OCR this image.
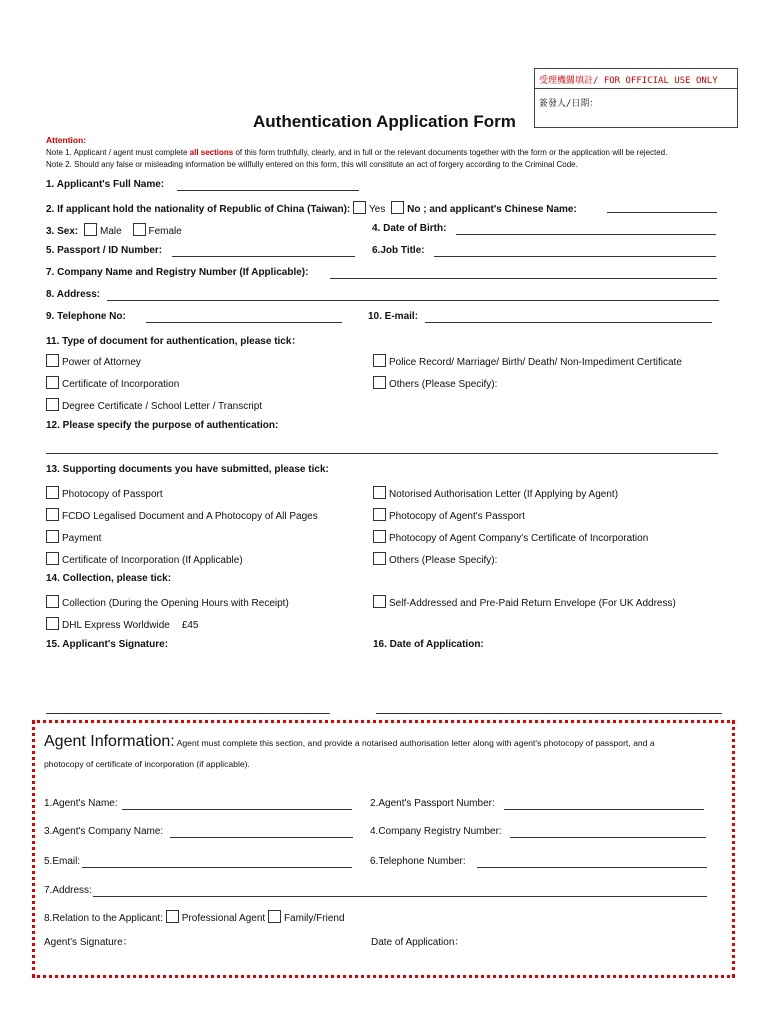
受理機關填註/ FOR OFFICIAL USE ONLY
簽發人/日期：
Authentication Application Form
Attention:
Note 1. Applicant / agent must complete all sections of this form truthfully, clearly, and in full or the relevant documents together with the form or the application will be rejected.
Note 2. Should any false or misleading information be willfully entered on this form, this will constitute an act of forgery according to the Criminal Code.
1. Applicant's Full Name:
2. If applicant hold the nationality of Republic of China (Taiwan): Yes No ; and applicant's Chinese Name:
3. Sex: Male	Female	4. Date of Birth:
5. Passport / ID Number:	6.Job Title:
7. Company Name and Registry Number (If Applicable):
8. Address:
9. Telephone No:	10. E-mail:
11. Type of document for authentication, please tick：
Power of Attorney	Police Record/ Marriage/ Birth/ Death/ Non-Impediment Certificate
Certificate of Incorporation	Others (Please Specify):
Degree Certificate / School Letter / Transcript
12. Please specify the purpose of authentication:
13. Supporting documents you have submitted, please tick:
Photocopy of Passport	Notorised Authorisation Letter (If Applying by Agent)
FCDO Legalised Document and A Photocopy of All Pages	Photocopy of Agent's Passport
Payment	Photocopy of Agent Company's Certificate of Incorporation
Certificate of Incorporation (If Applicable)	Others (Please Specify):
14. Collection, please tick:
Collection (During the Opening Hours with Receipt)	Self-Addressed and Pre-Paid Return Envelope (For UK Address)
DHL Express Worldwide £45
15. Applicant's Signature:	16. Date of Application:
Agent Information: Agent must complete this section, and provide a notarised authorisation letter along with agent's photocopy of passport, and a
photocopy of certificate of incorporation (if applicable).
1.Agent's Name:	2.Agent's Passport Number:
3.Agent's Company Name:	4.Company Registry Number:
5.Email:	6.Telephone Number:
7.Address:
8.Relation to the Applicant: Professional Agent Family/Friend
Agent's Signature：	Date of Application：
